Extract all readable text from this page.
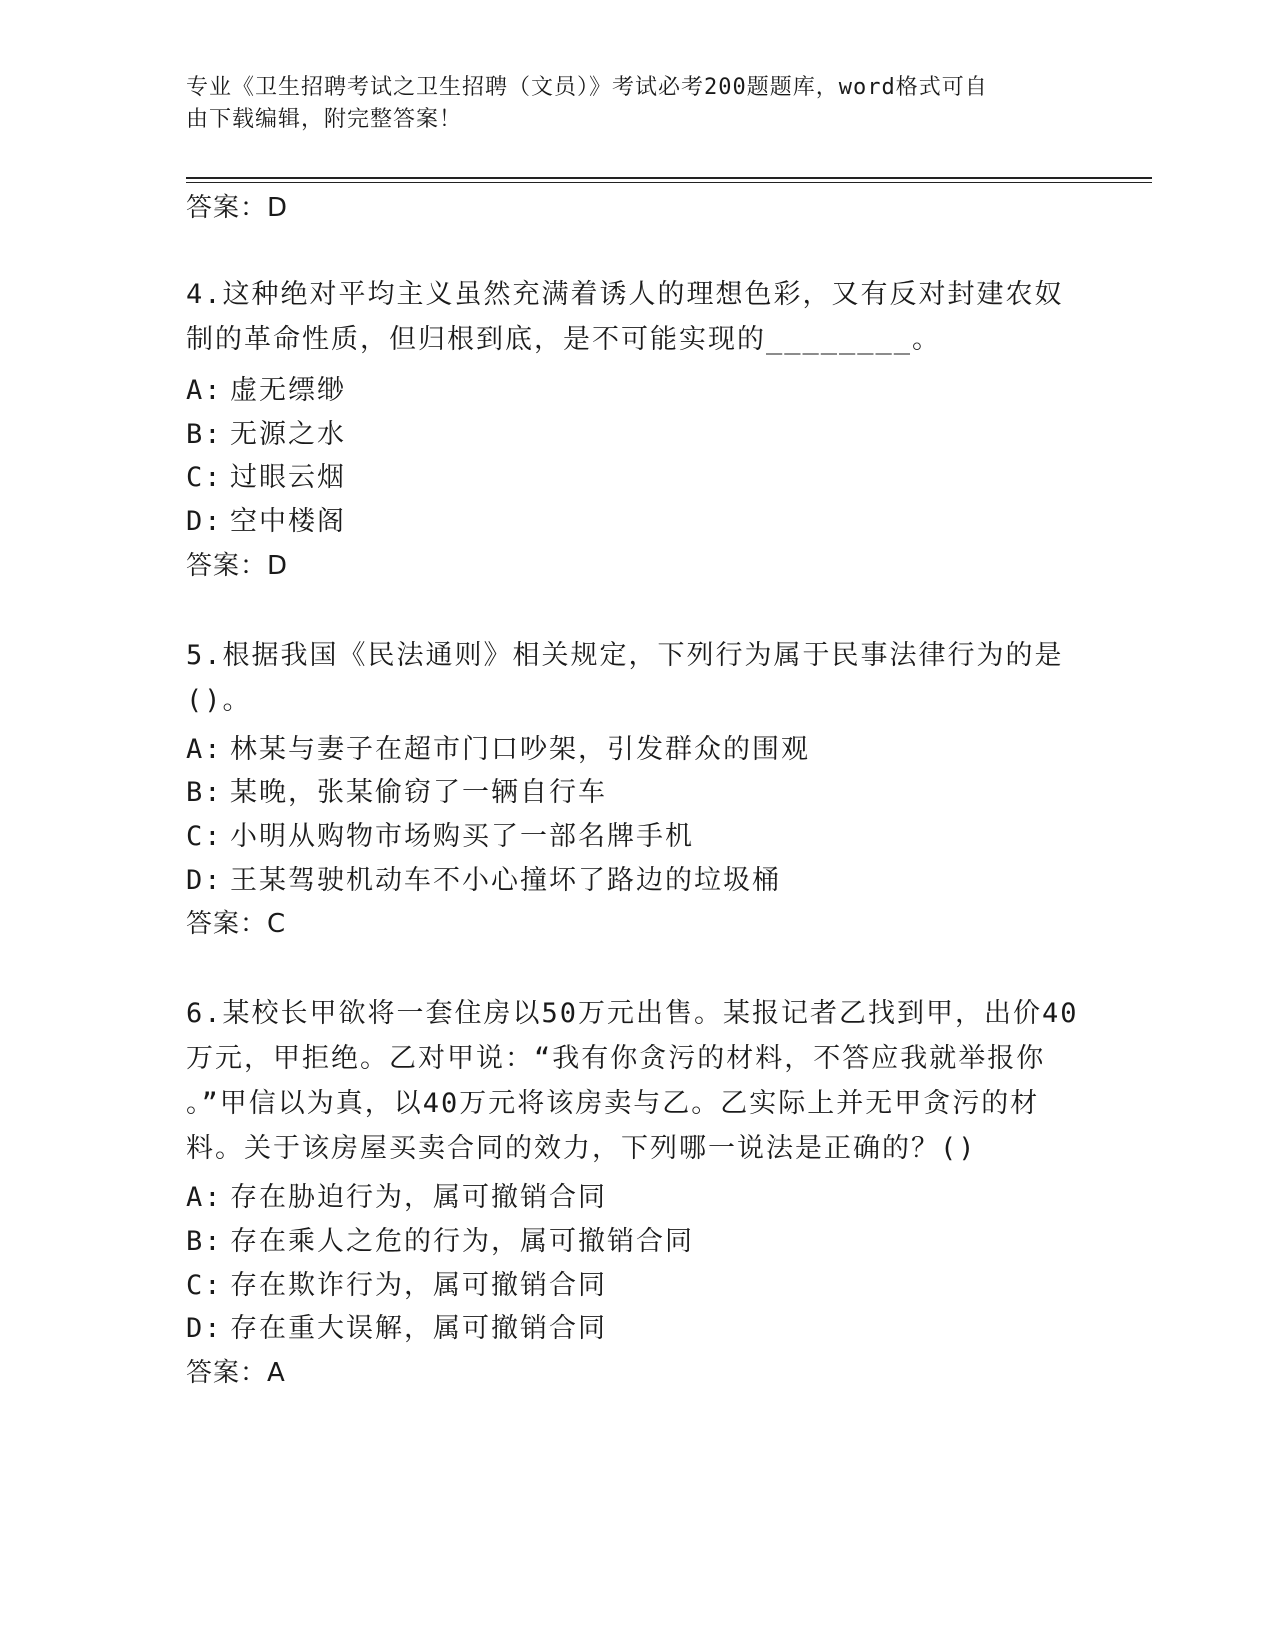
专业《卫生招聘考试之卫生招聘（文员）》考试必考200题题库，word格式可自
由下载编辑，附完整答案！
答案：D
4.这种绝对平均主义虽然充满着诱人的理想色彩，又有反对封建农奴
制的革命性质，但归根到底，是不可能实现的________。
A: 虚无缥缈
B: 无源之水
C: 过眼云烟
D: 空中楼阁
答案：D
5.根据我国《民法通则》相关规定，下列行为属于民事法律行为的是
()。
A: 林某与妻子在超市门口吵架，引发群众的围观
B: 某晚，张某偷窃了一辆自行车
C: 小明从购物市场购买了一部名牌手机
D: 王某驾驶机动车不小心撞坏了路边的垃圾桶
答案：C
6.某校长甲欲将一套住房以50万元出售。某报记者乙找到甲，出价40
万元，甲拒绝。乙对甲说：“我有你贪污的材料，不答应我就举报你
。”甲信以为真，以40万元将该房卖与乙。乙实际上并无甲贪污的材
料。关于该房屋买卖合同的效力，下列哪一说法是正确的？()
A: 存在胁迫行为，属可撤销合同
B: 存在乘人之危的行为，属可撤销合同
C: 存在欺诈行为，属可撤销合同
D: 存在重大误解，属可撤销合同
答案：A
